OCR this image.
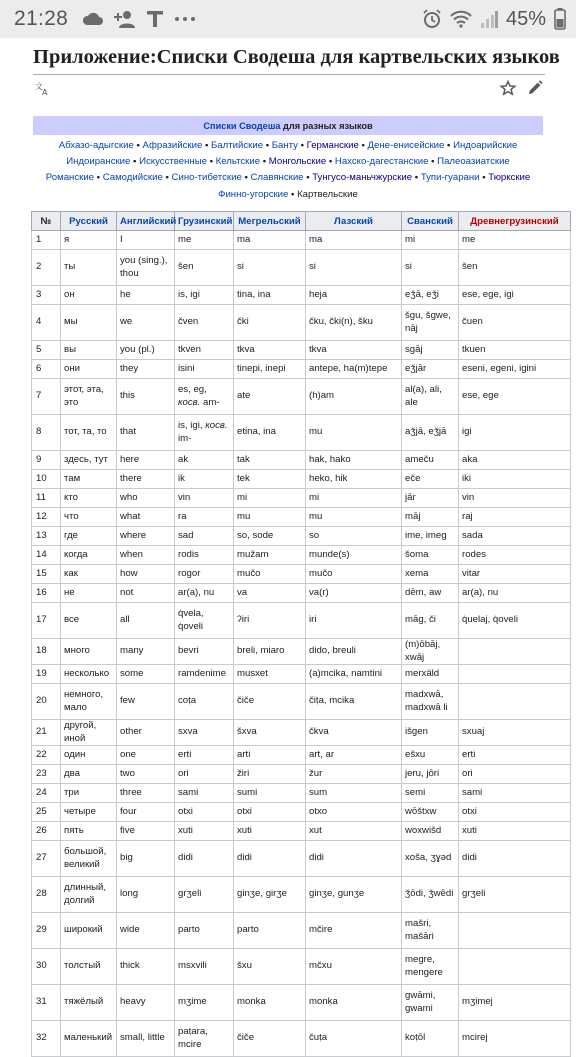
21:28	45%
Приложение:Списки Сводеша для картвельских языков
文
A
Списки Сводеша для разных языков
Абхазо-адыгские • Афразийские • Балтийские • Банту • Германские • Дене-енисейские • Индоарийские
Индоиранские • Искусственные • Кельтские • Монгольские • Нахско-дагестанские • Палеоазиатские
Романские • Самодийские • Сино-тибетские • Славянские • Тунгусо-маньчжурские • Тупи-гуарани • Тюркские
Финно-угорские • Картвельские
№	Русский	Английский	Грузинский	Мегрельский	Лазский	Сванский	Древнегрузинский
1	я	I	me	ma	ma	mi	me
2	ты	you (sing.),
thou	šen	si	si	si	šen
3	он	he	is, igi	tina, ina	heja	eǯā, eǯi	ese, ege, igi
4	мы	we	čven	čki	čku, čki(n), šku	šgu, šgwe,
nāj	čuen
5	вы	you (pl.)	tkven	tkva	tkva	sgāj	tkuen
6	они	they	isini	tinepi, inepi	antepe, ha(m)tepe	eǯjār	eseni, egeni, igini
7	этот, эта, это	this	es, eg,
косв. am-	ate	(h)am	al(a), ali, ale	ese, ege
8	тот, та, то	that	is, igi, косв.
im-	etina, ina	mu	aǯjā, eǯjā	igi
9	здесь, тут	here	ak	tak	hak, hako	ameču	aka
10	там	there	ik	tek	heko, hik	eče	iki
11	кто	who	vin	mi	mi	jār	vin
12	что	what	ra	mu	mu	māj	raj
13	где	where	sad	so, sode	so	ime, imeg	sada
14	когда	when	rodis	mužam	munde(s)	šoma	rodes
15	как	how	rogor	mučo	mučo	xema	vitar
16	не	not	ar(a), nu	va	va(r)	dēm, aw	ar(a), nu
17	все	all	q̇vela,
q̇oveli	ʔiri	iri	māg, či	q̇uelaj, q̇oveli
18	много	many	bevri	breli, miaro	dido, breuli	(m)ōbāj, xwāj	
19	несколько	some	ramdenime	musxet	(a)mcika, namtini	merxäld	
20	немного,
мало	few	coṭa	čiče	čiṭa, mcika	madxwā,
madxwā li	
21	другой, иной	other	sxva	šxva	čkva	išgen	sxuaj
22	один	one	erti	arti	art, ar	ešxu	erti
23	два	two	ori	žiri	žur	jeru, jōri	ori
24	три	three	sami	sumi	sum	semi	sami
25	четыре	four	otxi	otxi	otxo	wōštxw	otxi
26	пять	five	xuti	xuti	xut	woxwišd	xuti
27	большой,
великий	big	didi	didi	didi	xoša, ʒɣəd	didi
28	длинный,
долгий	long	grʒeli	ginʒe, girʒe	ginʒe, gunʒe	ǯōdi, ǯwēdi	grʒeli
29	широкий	wide	parto	parto	mčire	mašri,
mašāri	
30	толстый	thick	msxvili	šxu	mčxu	megre,
mengere	
31	тяжёлый	heavy	mʒime	monḳa	monḳa	gwāmi,
gwami	mʒimej
32	маленький	small, little	paṭara,
mcire	čiče	čuṭa	koṭōl	mcirej
